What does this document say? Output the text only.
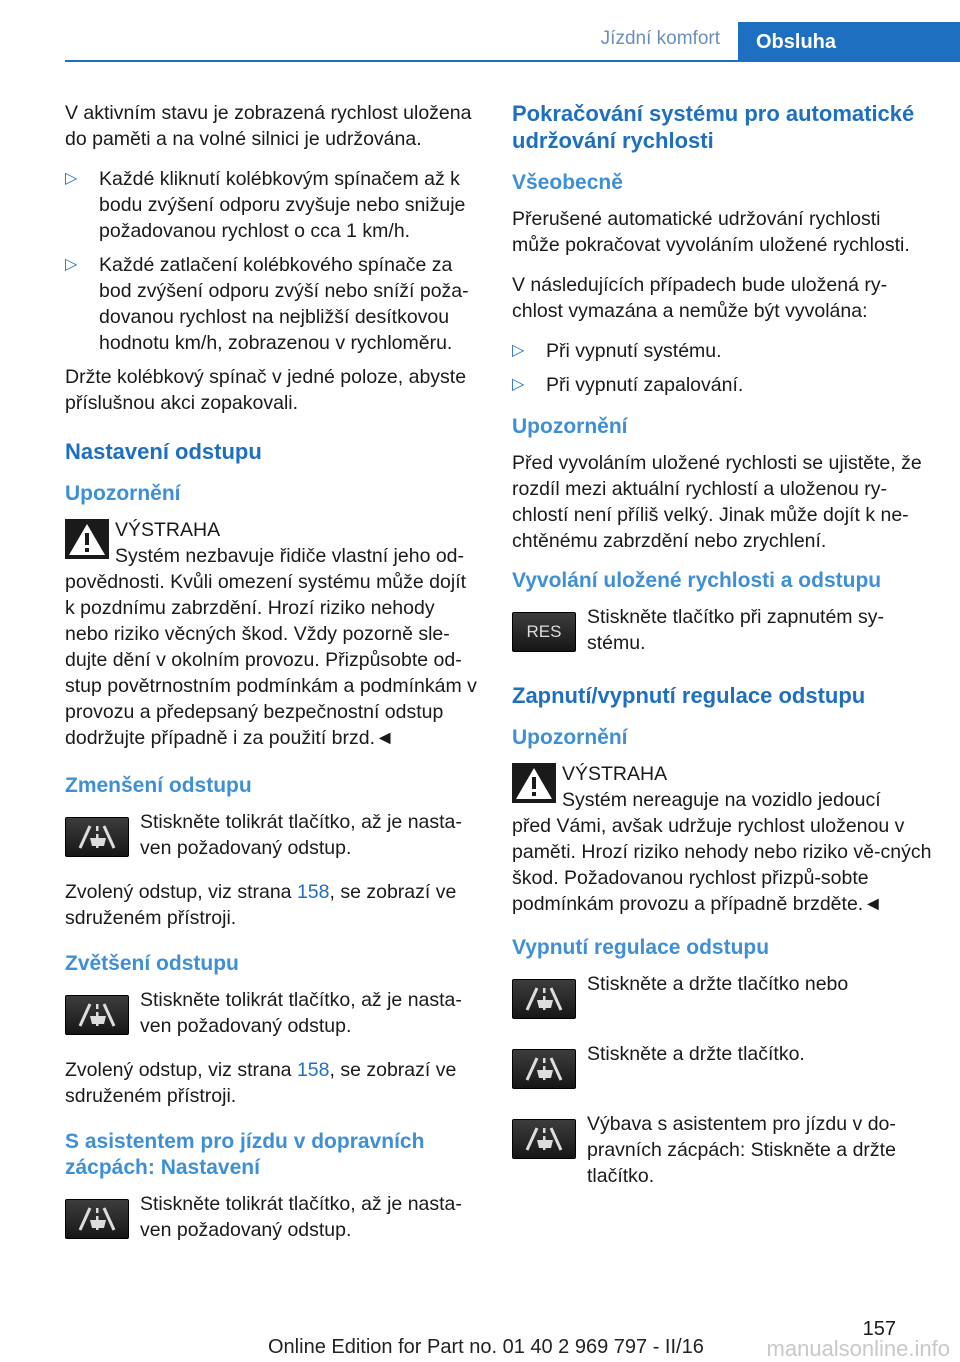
Jízdní komfort	Obsluha

V aktivním stavu je zobrazená rychlost uložena do paměti a na volné silnici je udržována.

▷ Každé kliknutí kolébkovým spínačem až k bodu zvýšení odporu zvyšuje nebo snižuje požadovanou rychlost o cca 1 km/h.
▷ Každé zatlačení kolébkového spínače za bod zvýšení odporu zvýší nebo sníží poža-dovanou rychlost na nejbližší desítkovou hodnotu km/h, zobrazenou v rychloměru.

Držte kolébkový spínač v jedné poloze, abyste příslušnou akci zopakovali.

Nastavení odstupu
Upozornění
VÝSTRAHA
Systém nezbavuje řidiče vlastní jeho od-
povědnosti. Kvůli omezení systému může dojít k pozdnímu zabrzdění. Hrozí riziko nehody nebo riziko věcných škod. Vždy pozorně sle-dujte dění v okolním provozu. Přizpůsobte od-stup povětrnostním podmínkám a podmínkám v provozu a předepsaný bezpečnostní odstup dodržujte případně i za použití brzd.◄
Zmenšení odstupu
Stiskněte tolikrát tlačítko, až je nasta-ven požadovaný odstup.

Zvolený odstup, viz strana 158, se zobrazí ve sdruženém přístroji.

Zvětšení odstupu
Stiskněte tolikrát tlačítko, až je nasta-ven požadovaný odstup.

Zvolený odstup, viz strana 158, se zobrazí ve sdruženém přístroji.

S asistentem pro jízdu v dopravních zácpách: Nastavení
Stiskněte tolikrát tlačítko, až je nasta-ven požadovaný odstup.
Pokračování systému pro automatické udržování rychlosti
Všeobecně

Přerušené automatické udržování rychlosti může pokračovat vyvoláním uložené rychlosti.

V následujících případech bude uložená ry-chlost vymazána a nemůže být vyvolána:

▷ Při vypnutí systému.
▷ Při vypnutí zapalování.
Upozornění

Před vyvoláním uložené rychlosti se ujistěte, že rozdíl mezi aktuální rychlostí a uloženou ry-chlostí není příliš velký. Jinak může dojít k ne-chtěnému zabrzdění nebo zrychlení.

Vyvolání uložené rychlosti a odstupu
RES
Stiskněte tlačítko při zapnutém sy-stému.
Zapnutí/vypnutí regulace odstupu
Upozornění
VÝSTRAHA
Systém nereaguje na vozidlo jedoucí
před Vámi, avšak udržuje rychlost uloženou v paměti. Hrozí riziko nehody nebo riziko vě-cných škod. Požadovanou rychlost přizpů-sobte podmínkám provozu a případně brzděte.◄
Vypnutí regulace odstupu
Stiskněte a držte tlačítko nebo
Stiskněte a držte tlačítko.
Výbava s asistentem pro jízdu v do-pravních zácpách: Stiskněte a držte tlačítko.
157
Online Edition for Part no. 01 40 2 969 797 - II/16	manualsonline.info
